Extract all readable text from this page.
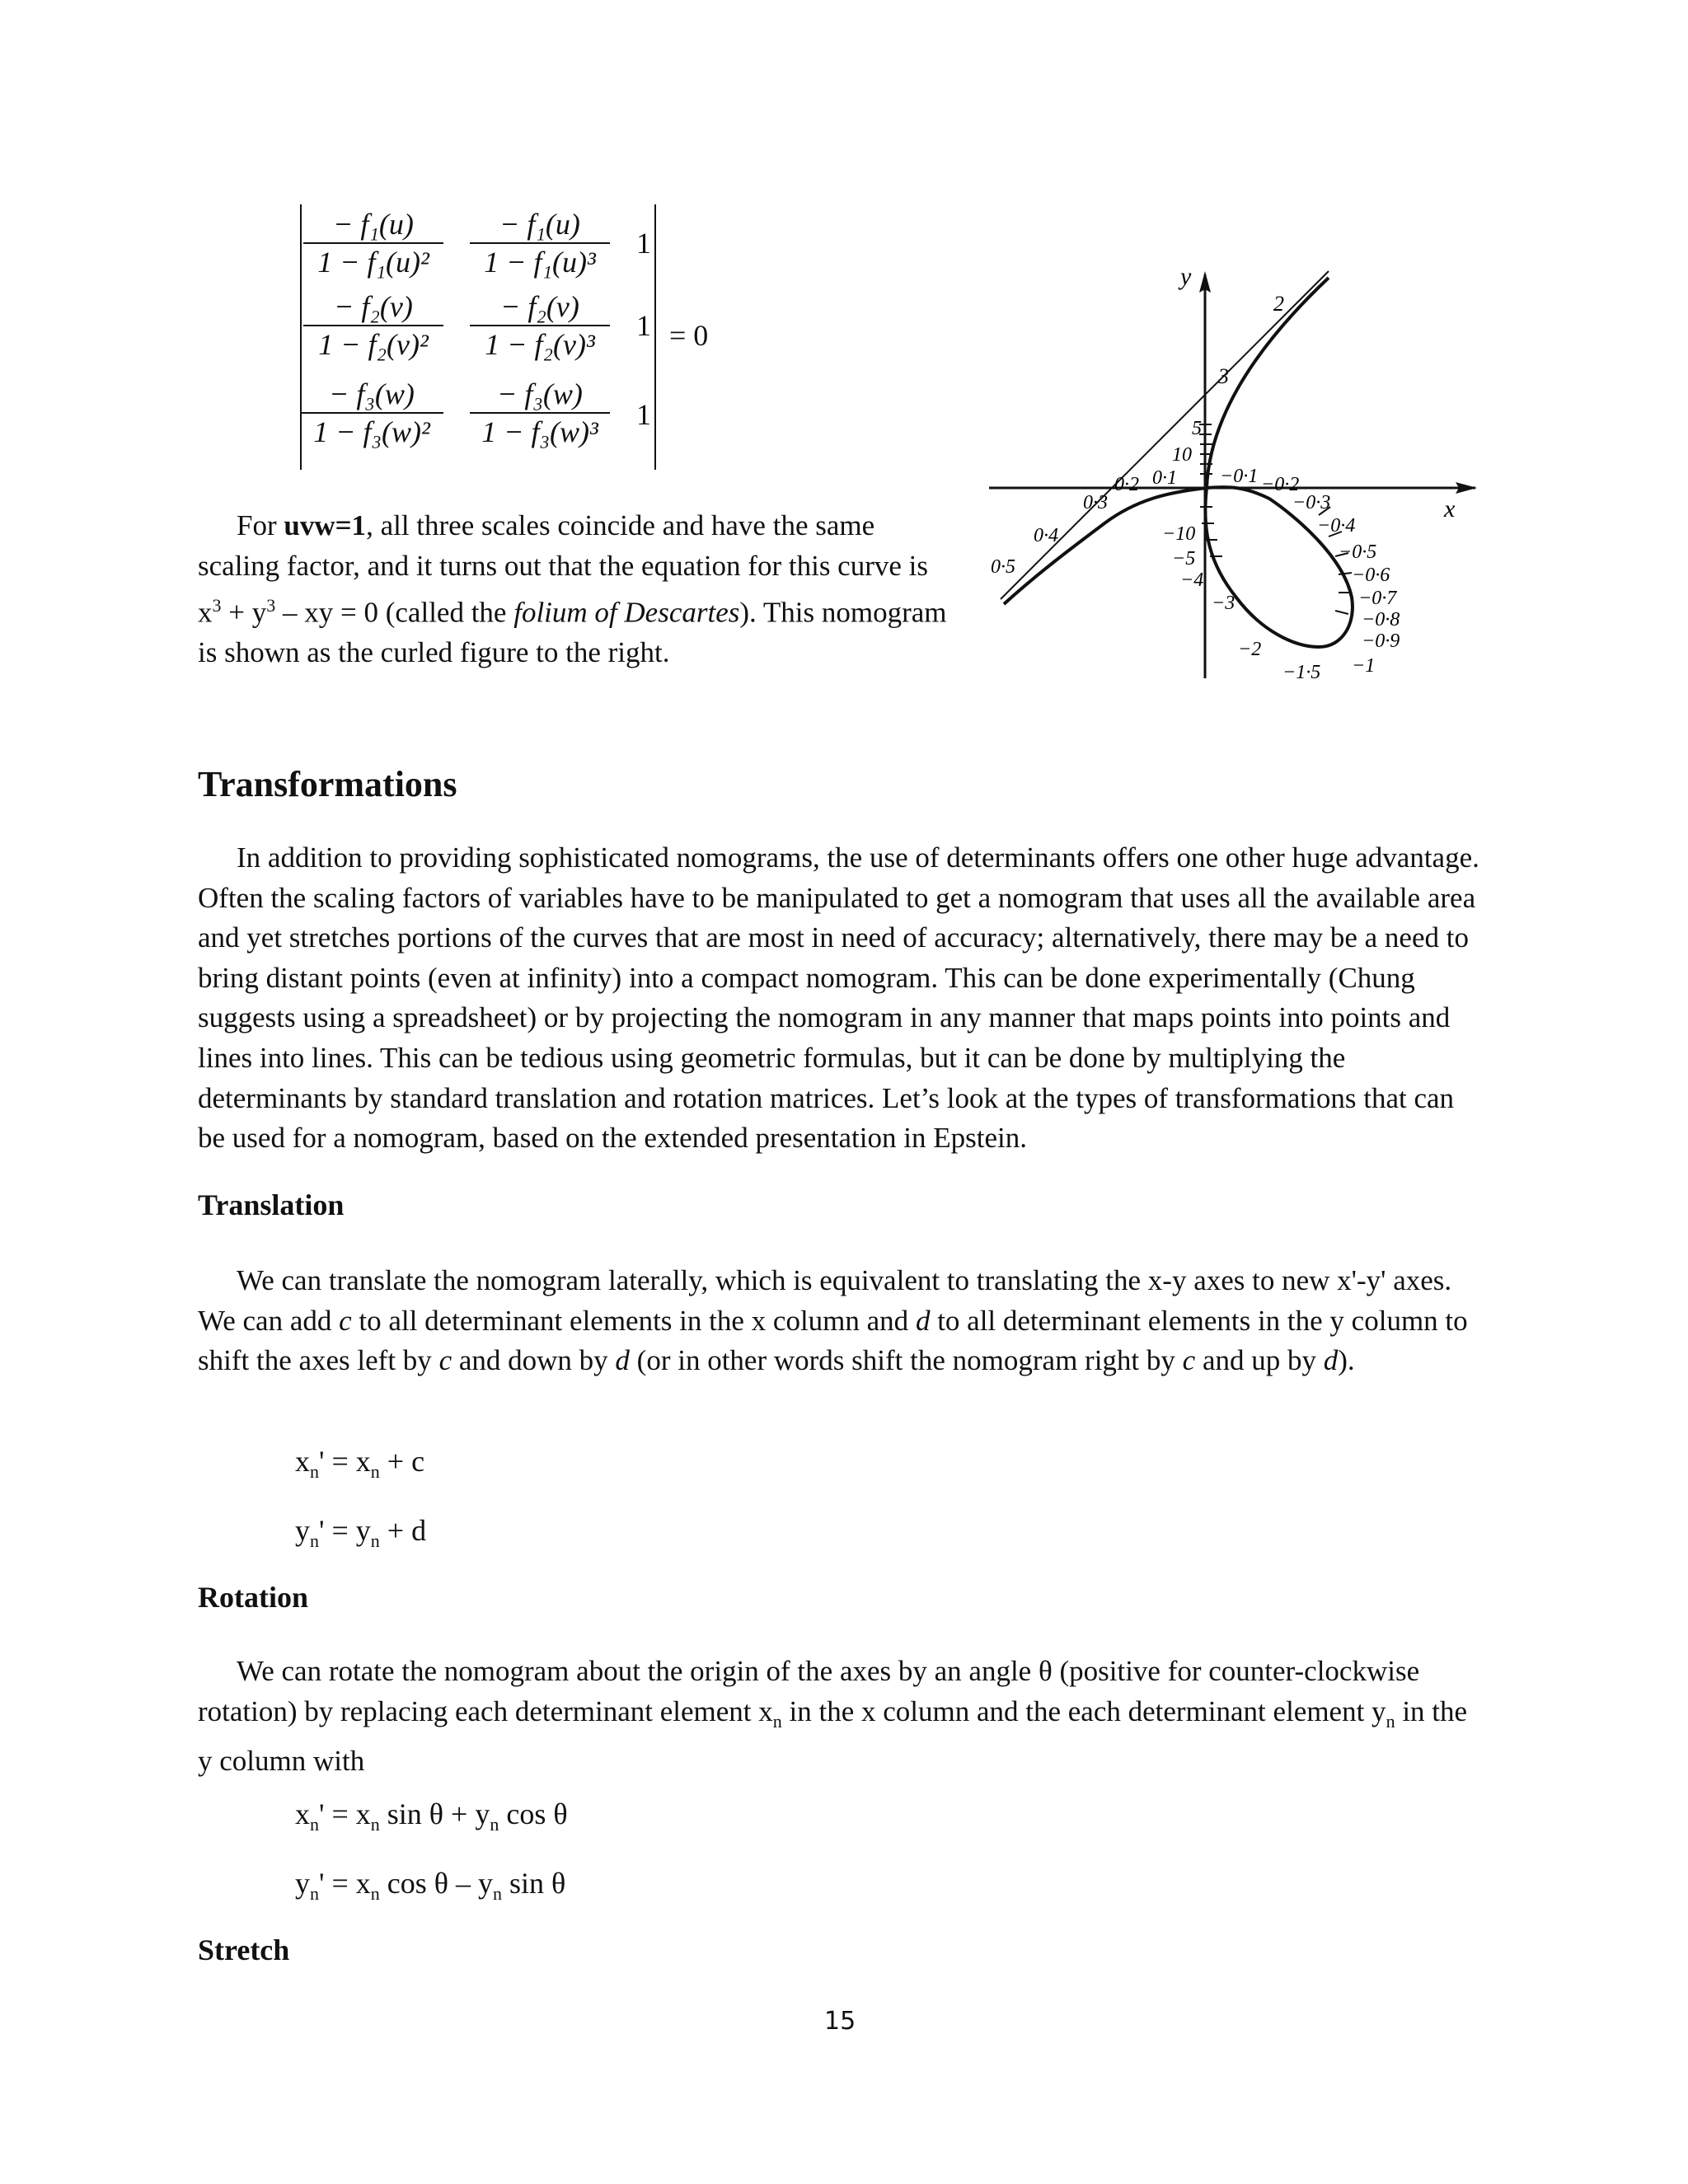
− f₁(u)
1 − f₁(u)²
− f₁(u)
1 − f₁(u)³
1
− f₂(v)
1 − f₂(v)²
− f₂(v)
1 − f₂(v)³
1
− f₃(w)
1 − f₃(w)²
− f₃(w)
1 − f₃(w)³
1
= 0

For uvw=1, all three scales coincide and have the same scaling factor, and it turns out that the equation for this curve is $x^3 + y^3$ – xy = 0 (called the folium of Descartes). This nomogram is shown as the curled figure to the right.

x
y
2
3
5
10
0·1
0·2
0·3
0·4
0·5
−0·1 −0·2
−0·3
−0·4
−0·5
−0·6
−0·7
−0·8
−0·9
−1
−10
−5
−4
−3
−2
−1·5
Transformations

In addition to providing sophisticated nomograms, the use of determinants offers one other huge advantage. Often the scaling factors of variables have to be manipulated to get a nomogram that uses all the available area and yet stretches portions of the curves that are most in need of accuracy; alternatively, there may be a need to bring distant points (even at infinity) into a compact nomogram. This can be done experimentally (Chung suggests using a spreadsheet) or by projecting the nomogram in any manner that maps points into points and lines into lines. This can be tedious using geometric formulas, but it can be done by multiplying the determinants by standard translation and rotation matrices. Let’s look at the types of transformations that can be used for a nomogram, based on the extended presentation in Epstein.

Translation

We can translate the nomogram laterally, which is equivalent to translating the x-y axes to new x'-y' axes. We can add c to all determinant elements in the x column and d to all determinant elements in the y column to shift the axes left by c and down by d (or in other words shift the nomogram right by c and up by d).

$x_n' = x_n + c$
$y_n' = y_n + d$
Rotation

We can rotate the nomogram about the origin of the axes by an angle θ (positive for counter-clockwise rotation) by replacing each determinant element $x_n$ in the x column and the each determinant element $y_n$ in the y column with

$x_n' = x_n$ $\sin \theta + y_n$ cos θ
$y_n' = x_n$ cos θ – $y_n$ sin θ
Stretch
15
